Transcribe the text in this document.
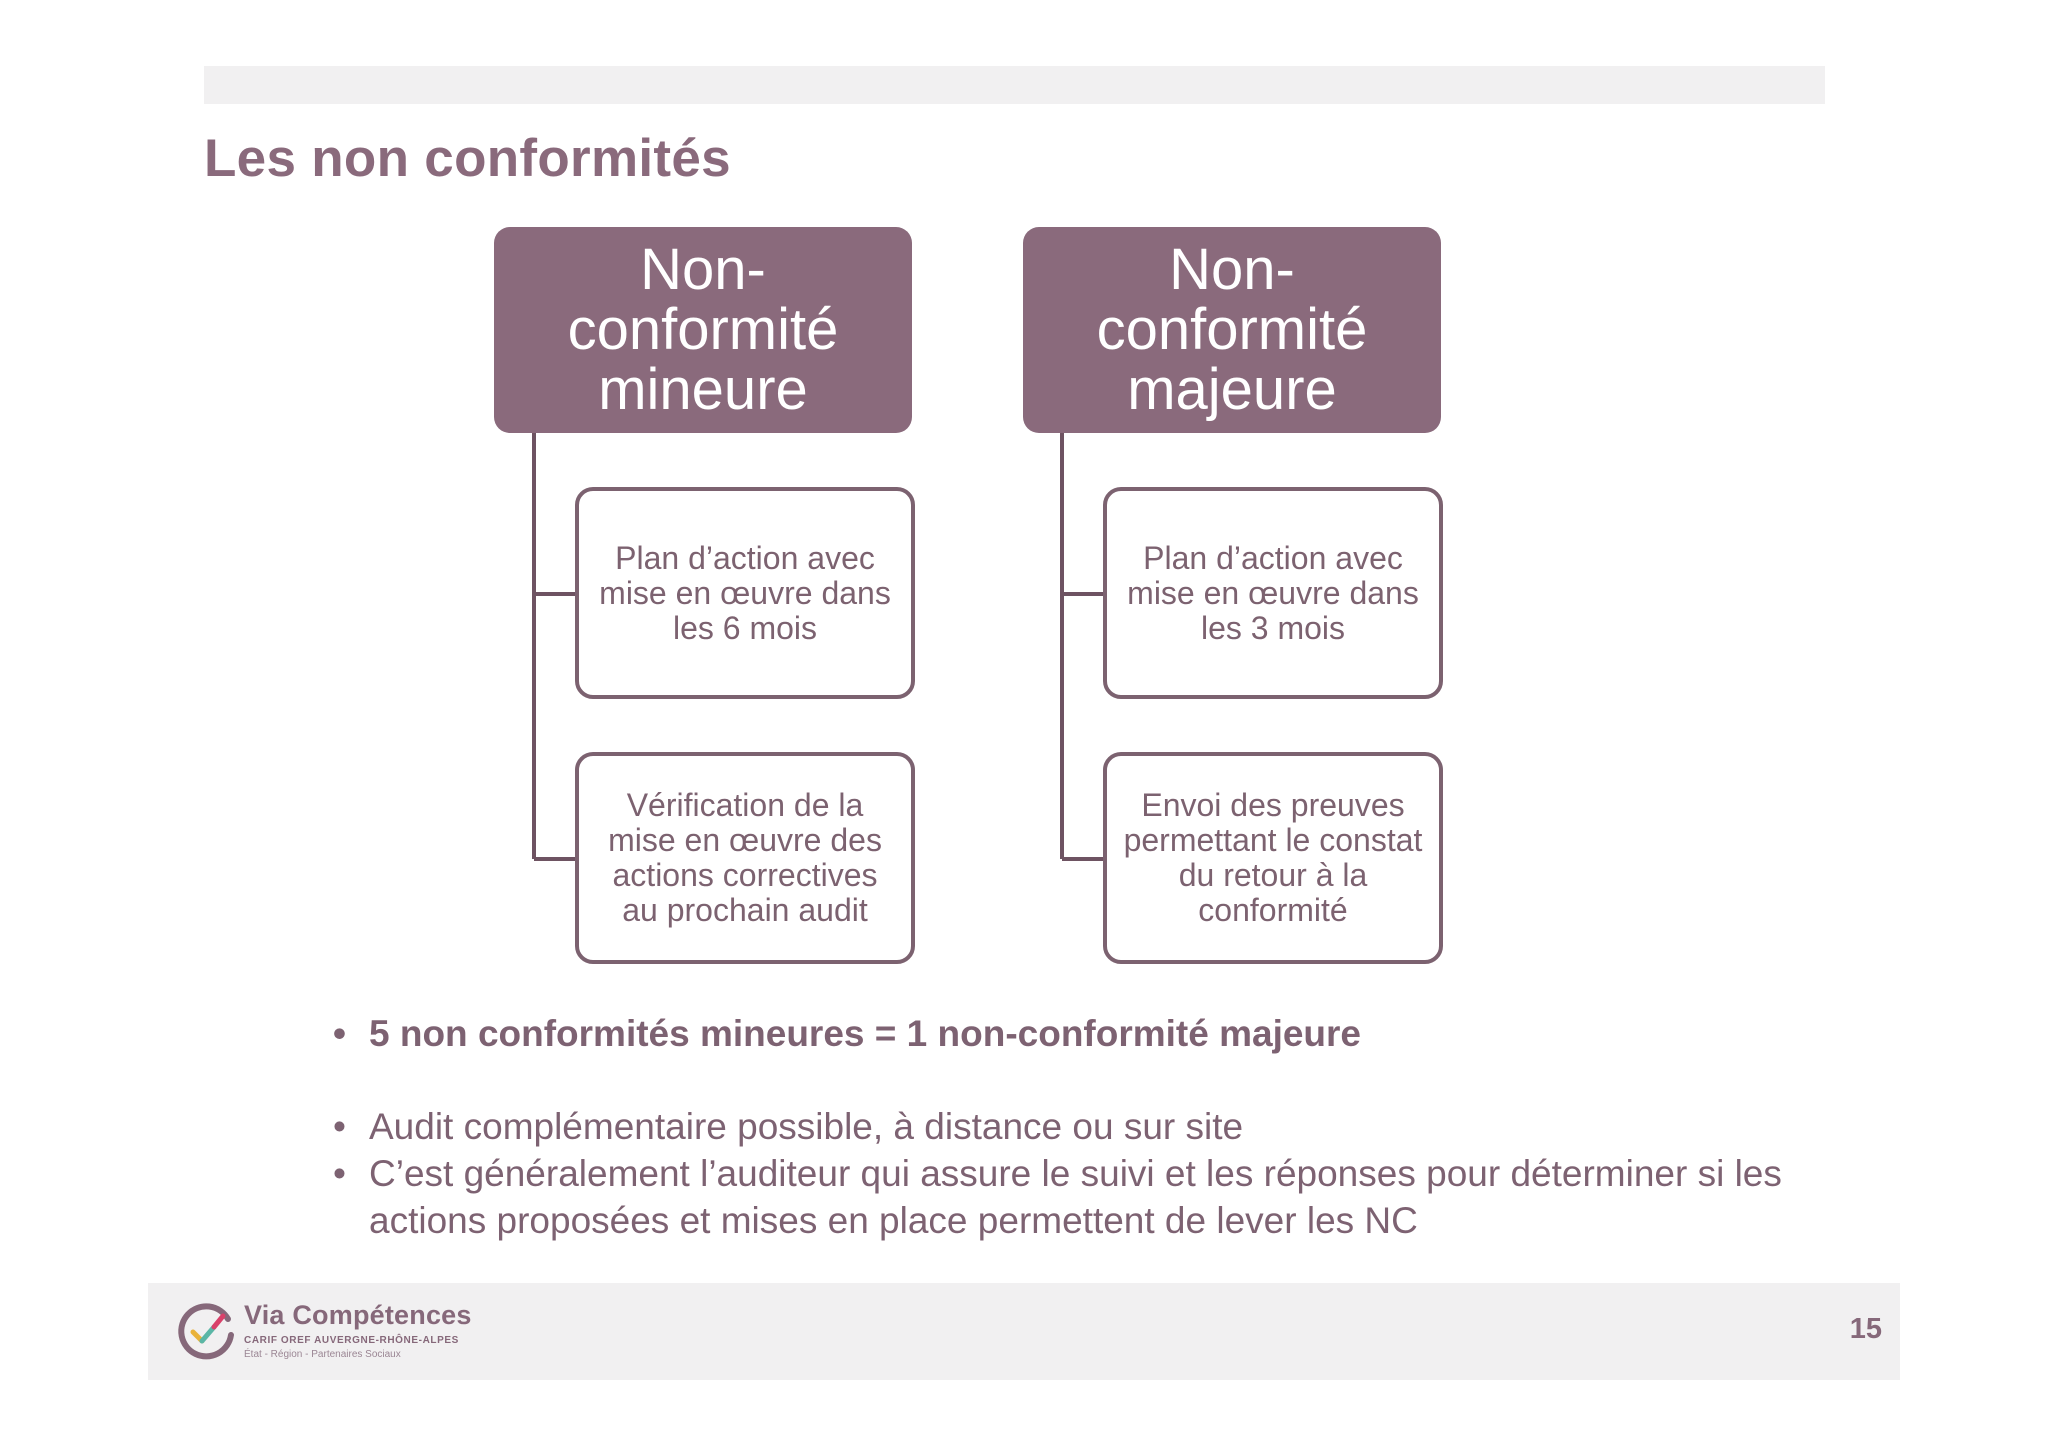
Les non conformités
Non-
conformité
mineure
Non-
conformité
majeure
Plan d’action avec mise en œuvre dans les 6 mois
Vérification de la mise en œuvre des actions correctives au prochain audit
Plan d’action avec mise en œuvre dans les 3 mois
Envoi des preuves permettant le constat du retour à la conformité
• 5 non conformités mineures = 1 non-conformité majeure
• Audit complémentaire possible, à distance ou sur site
• C’est généralement l’auditeur qui assure le suivi et les réponses pour déterminer si les actions proposées et mises en place permettent de lever les NC
Via Compétences
CARIF OREF AUVERGNE-RHÔNE-ALPES
État - Région - Partenaires Sociaux
15
